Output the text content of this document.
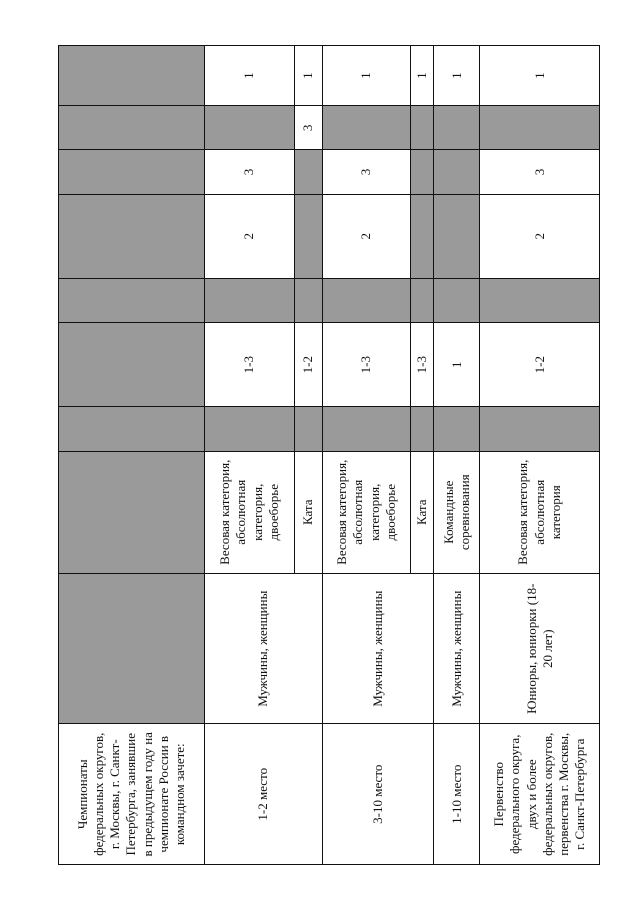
Чемпионаты федеральных округов, г. Москвы, г. Санкт-Петербурга, занявшие в предыдущем году на чемпионате России в командном зачете:									
1-2 место	Мужчины, женщины	Весовая категория, абсолютная категория, двоеборье		1-3		2	3		1
		Ката		1-2				3	1
3-10 место	Мужчины, женщины	Весовая категория, абсолютная категория, двоеборье		1-3		2	3		1
		Ката		1-3					1
1-10 место	Мужчины, женщины	Командные соревнования		1					1
Первенство федерального округа, двух и более федеральных округов, первенства г. Москвы, г. Санкт-Петербурга	Юниоры, юниорки (18-20 лет)	Весовая категория, абсолютная категория		1-2		2	3		1
